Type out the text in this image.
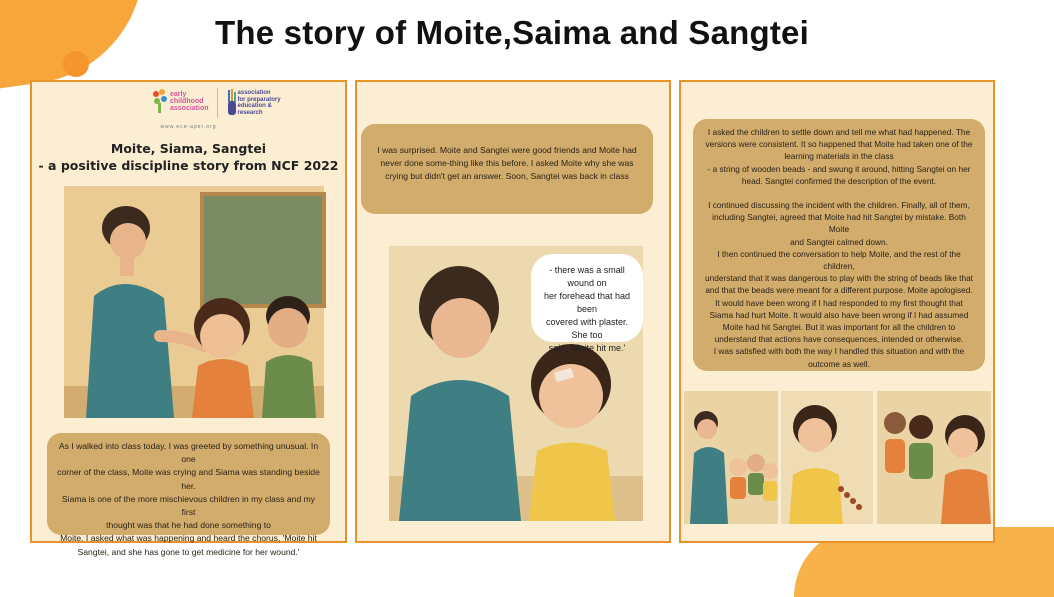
The story of Moite,Saima and Sangtei
early
childhood
association
association
for preparatory
education &
research
www.ece-aper.org
Moite, Siama, Sangtei
- a positive discipline story from NCF 2022
As I walked into class today, I was greeted by something unusual. In one
corner of the class, Moite was crying and Siama was standing beside her.
Siama is one of the more mischievous children in my class and my first
thought was that he had done something to
Moite. I asked what was happening and heard the chorus, 'Moite hit
Sangtei, and she has gone to get medicine for her wound.'
I was surprised. Moite and Sangtei were good friends and Moite had
never done some-thing like this before. I asked Moite why she was
crying but didn't get an answer. Soon, Sangtei was back in class
- there was a small wound on
her forehead that had been
covered with plaster. She too
said, 'Moite hit me.'
I asked the children to settle down and tell me what had happened. The
versions were consistent. It so happened that Moite had taken one of the
learning materials in the class
- a string of wooden beads - and swung it around, hitting Sangtei on her
head. Sangtei confirmed the description of the event.
I continued discussing the incident with the children. Finally, all of them,
including Sangtei, agreed that Moite had hit Sangtei by mistake. Both Moite
and Sangtei calmed down.
I then continued the conversation to help Moite, and the rest of the children,
understand that it was dangerous to play with the string of beads like that
and that the beads were meant for a different purpose. Moite apologised.
It would have been wrong if I had responded to my first thought that
Siama had hurt Moite. It would also have been wrong if I had assumed
Moite had hit Sangtei. But it was important for all the children to
understand that actions have consequences, intended or otherwise.
I was satisfied with both the way I handled this situation and with the
outcome as well.
